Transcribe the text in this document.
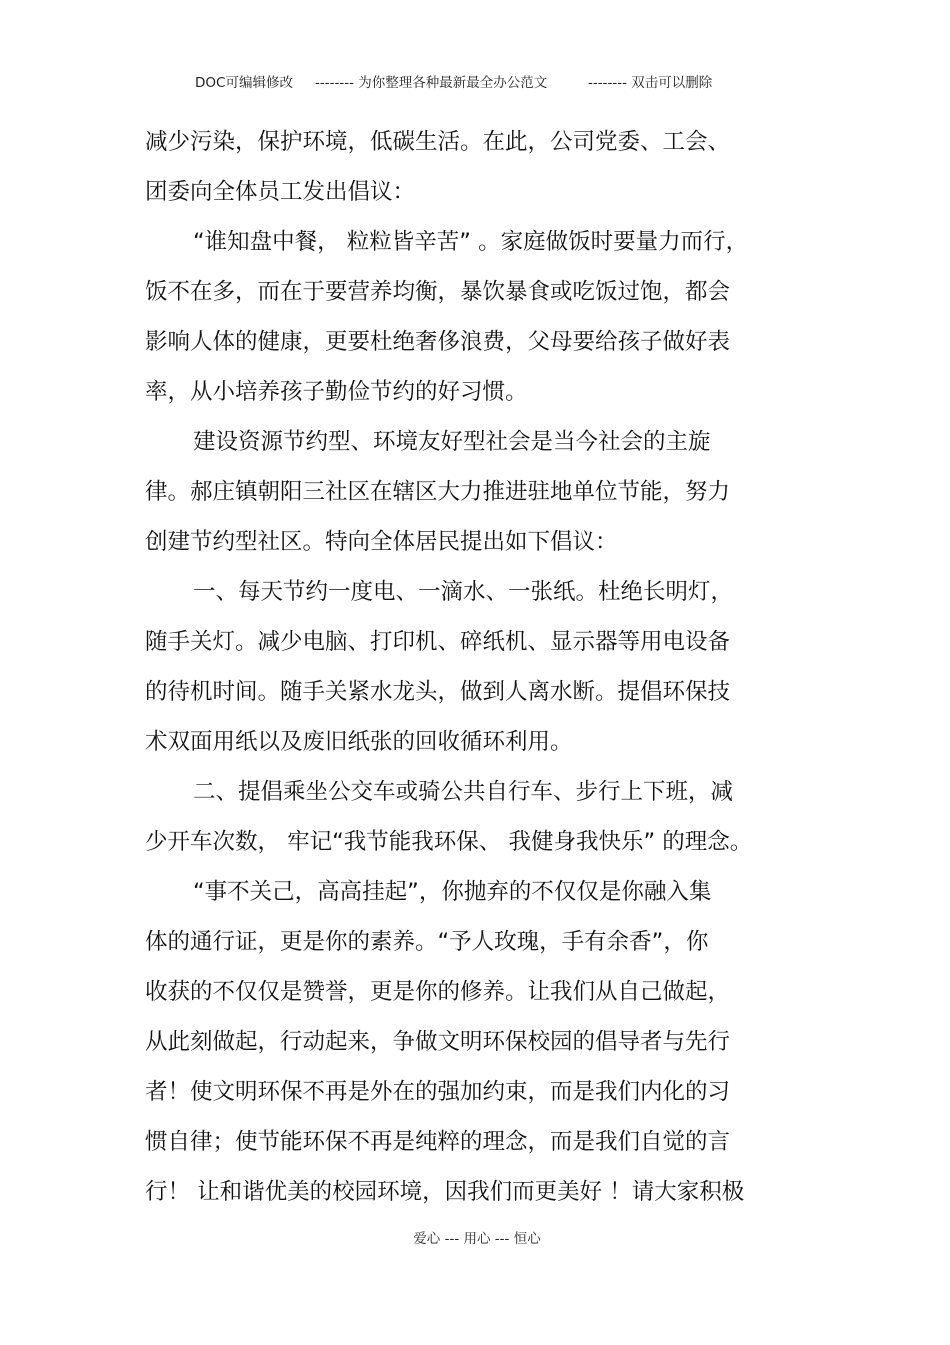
DOC可编辑修改 -------- 为你整理各种最新最全办公范文	-------- 双击可以删除
减少污染，保护环境，低碳生活。在此，公司党委、工会、
团委向全体员工发出倡议：
“谁知盘中餐， 粒粒皆辛苦” 。家庭做饭时要量力而行，
饭不在多，而在于要营养均衡，暴饮暴食或吃饭过饱，都会
影响人体的健康，更要杜绝奢侈浪费，父母要给孩子做好表
率，从小培养孩子勤俭节约的好习惯。
建设资源节约型、环境友好型社会是当今社会的主旋
律。郝庄镇朝阳三社区在辖区大力推进驻地单位节能，努力
创建节约型社区。特向全体居民提出如下倡议：
一、每天节约一度电、一滴水、一张纸。杜绝长明灯，
随手关灯。减少电脑、打印机、碎纸机、显示器等用电设备
的待机时间。随手关紧水龙头，做到人离水断。提倡环保技
术双面用纸以及废旧纸张的回收循环利用。
二、提倡乘坐公交车或骑公共自行车、步行上下班，减
少开车次数， 牢记“我节能我环保、 我健身我快乐” 的理念。
“事不关己，高高挂起”，你抛弃的不仅仅是你融入集
体的通行证，更是你的素养。“予人玫瑰，手有余香”，你
收获的不仅仅是赞誉，更是你的修养。让我们从自己做起，
从此刻做起，行动起来，争做文明环保校园的倡导者与先行
者！使文明环保不再是外在的强加约束，而是我们内化的习
惯自律；使节能环保不再是纯粹的理念，而是我们自觉的言
行！ 让和谐优美的校园环境，因我们而更美好 ！请大家积极
爱心 --- 用心 --- 恒心
